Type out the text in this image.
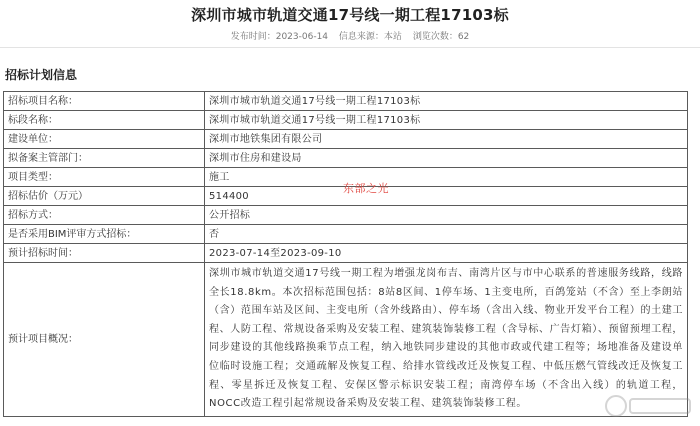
深圳市城市轨道交通17号线一期工程17103标
发布时间：2023-06-14 信息来源：本站 浏览次数：62
招标计划信息
招标项目名称：	深圳市城市轨道交通17号线一期工程17103标
标段名称：	深圳市城市轨道交通17号线一期工程17103标
建设单位：	深圳市地铁集团有限公司
拟备案主管部门：	深圳市住房和建设局
项目类型：	施工
招标估价（万元）	514400
招标方式：	公开招标
是否采用BIM评审方式招标：	否
预计招标时间：	2023-07-14至2023-09-10
预计项目概况：	深圳市城市轨道交通17号线一期工程为增强龙岗布吉、南湾片区与市中心联系的普速服务线路，线路全长18.8km。本次招标范围包括：8站8区间、1停车场、1主变电所，百鸽笼站（不含）至上李朗站（含）范围车站及区间、主变电所（含外线路由）、停车场（含出入线、物业开发平台工程）的土建工程、人防工程、常规设备采购及安装工程、建筑装饰装修工程（含导标、广告灯箱）、预留预埋工程，同步建设的其他线路换乘节点工程，纳入地铁同步建设的其他市政或代建工程等；场地准备及建设单位临时设施工程；交通疏解及恢复工程、给排水管线改迁及恢复工程、中低压燃气管线改迁及恢复工程、零星拆迁及恢复工程、安保区警示标识安装工程；南湾停车场（不含出入线）的轨道工程，NOCC改造工程引起常规设备采购及安装工程、建筑装饰装修工程。
东部之光
